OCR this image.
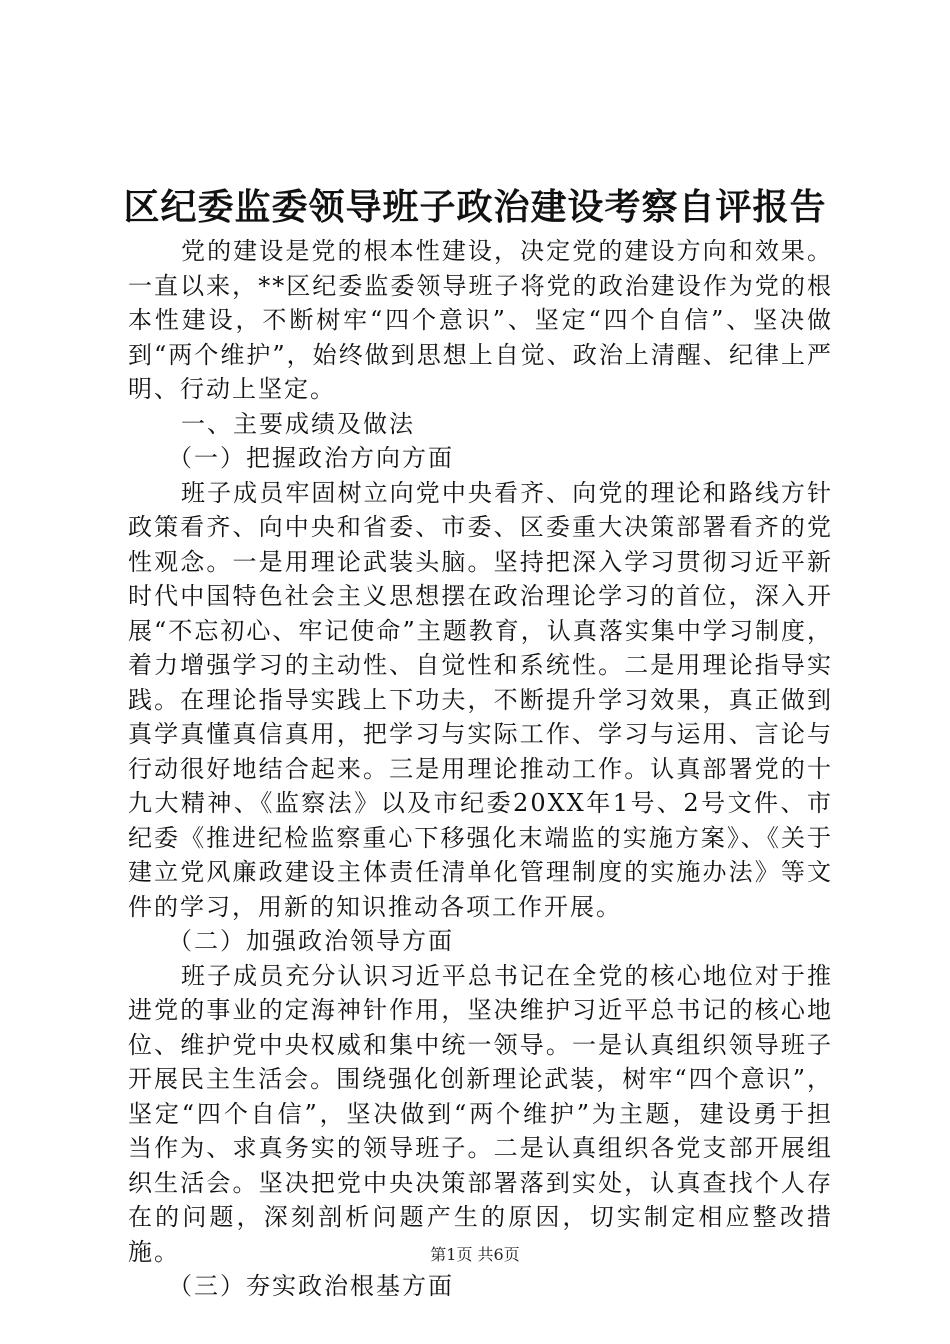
区纪委监委领导班子政治建设考察自评报告

党的建设是党的根本性建设，决定党的建设方向和效果。一直以来，**区纪委监委领导班子将党的政治建设作为党的根本性建设，不断树牢“四个意识”、坚定“四个自信”、坚决做到“两个维护”，始终做到思想上自觉、政治上清醒、纪律上严明、行动上坚定。

一、主要成绩及做法

（一）把握政治方向方面

班子成员牢固树立向党中央看齐、向党的理论和路线方针政策看齐、向中央和省委、市委、区委重大决策部署看齐的党性观念。一是用理论武装头脑。坚持把深入学习贯彻习近平新时代中国特色社会主义思想摆在政治理论学习的首位，深入开展“不忘初心、牢记使命”主题教育，认真落实集中学习制度，着力增强学习的主动性、自觉性和系统性。二是用理论指导实践。在理论指导实践上下功夫，不断提升学习效果，真正做到真学真懂真信真用，把学习与实际工作、学习与运用、言论与行动很好地结合起来。三是用理论推动工作。认真部署党的十九大精神、《监察法》以及市纪委20XX年1号、2号文件、市纪委《推进纪检监察重心下移强化末端监的实施方案》、《关于建立党风廉政建设主体责任清单化管理制度的实施办法》等文件的学习，用新的知识推动各项工作开展。

（二）加强政治领导方面

班子成员充分认识习近平总书记在全党的核心地位对于推进党的事业的定海神针作用，坚决维护习近平总书记的核心地位、维护党中央权威和集中统一领导。一是认真组织领导班子开展民主生活会。围绕强化创新理论武装，树牢“四个意识”，坚定“四个自信”，坚决做到“两个维护”为主题，建设勇于担当作为、求真务实的领导班子。二是认真组织各党支部开展组织生活会。坚决把党中央决策部署落到实处，认真查找个人存在的问题，深刻剖析问题产生的原因，切实制定相应整改措施。

（三）夯实政治根基方面

第1页 共6页
